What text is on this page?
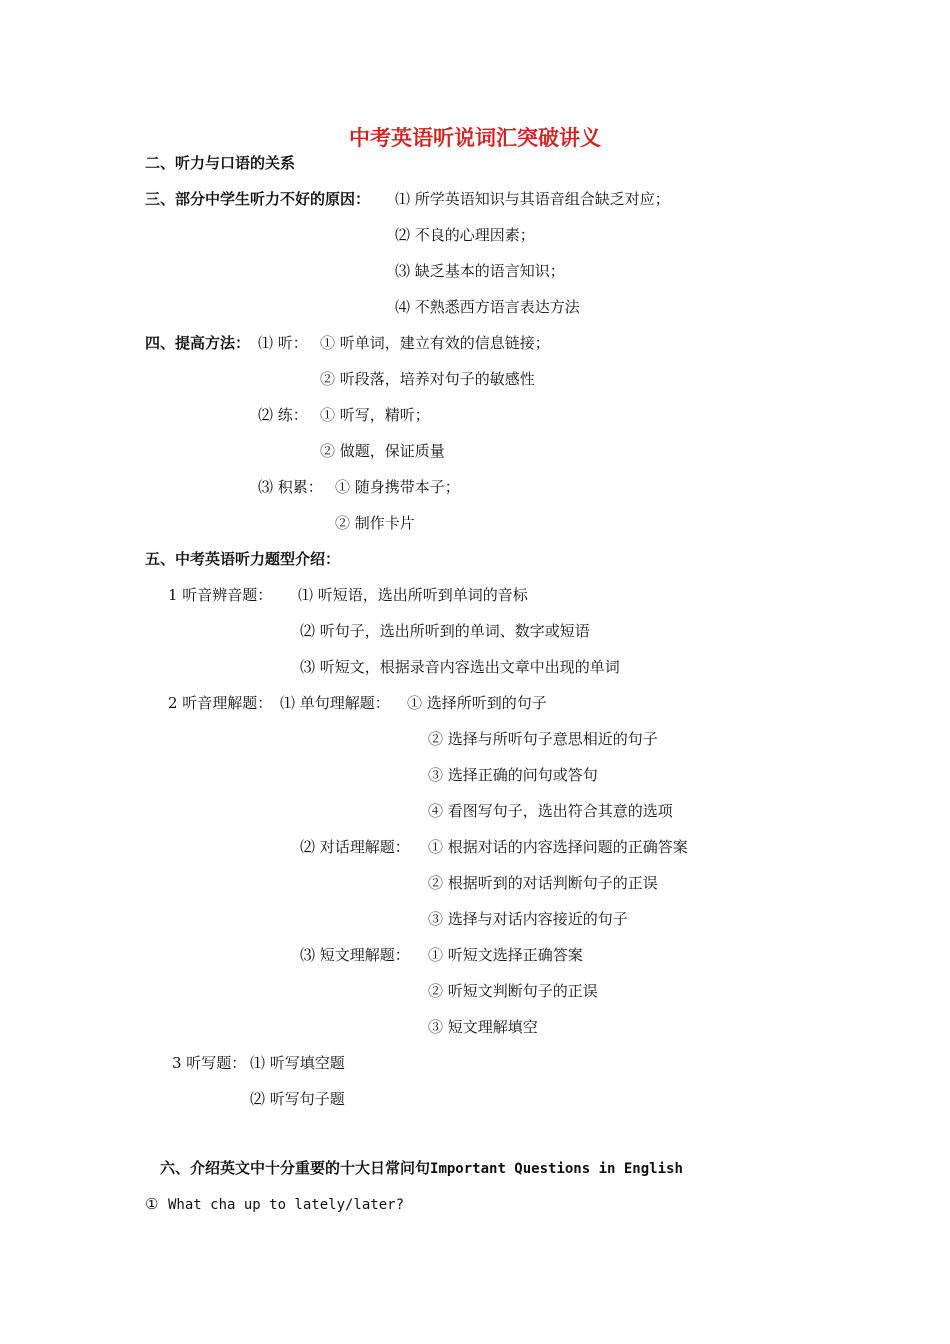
中考英语听说词汇突破讲义
二、听力与口语的关系
三、部分中学生听力不好的原因： ⑴ 所学英语知识与其语音组合缺乏对应；
⑵ 不良的心理因素；
⑶ 缺乏基本的语言知识；
⑷ 不熟悉西方语言表达方法
四、提高方法： ⑴ 听： ① 听单词，建立有效的信息链接；
② 听段落，培养对句子的敏感性
⑵ 练： ① 听写，精听；
② 做题，保证质量
⑶ 积累： ① 随身携带本子；
② 制作卡片
五、中考英语听力题型介绍：
1 听音辨音题： ⑴ 听短语，选出所听到单词的音标
⑵ 听句子，选出所听到的单词、数字或短语
⑶ 听短文，根据录音内容选出文章中出现的单词
2 听音理解题： ⑴ 单句理解题： ① 选择所听到的句子
② 选择与所听句子意思相近的句子
③ 选择正确的问句或答句
④ 看图写句子，选出符合其意的选项
⑵ 对话理解题： ① 根据对话的内容选择问题的正确答案
② 根据听到的对话判断句子的正误
③ 选择与对话内容接近的句子
⑶ 短文理解题： ① 听短文选择正确答案
② 听短文判断句子的正误
③ 短文理解填空
3 听写题： ⑴ 听写填空题
⑵ 听写句子题
六、介绍英文中十分重要的十大日常问句Important Questions in English
① What cha up to lately/later?
